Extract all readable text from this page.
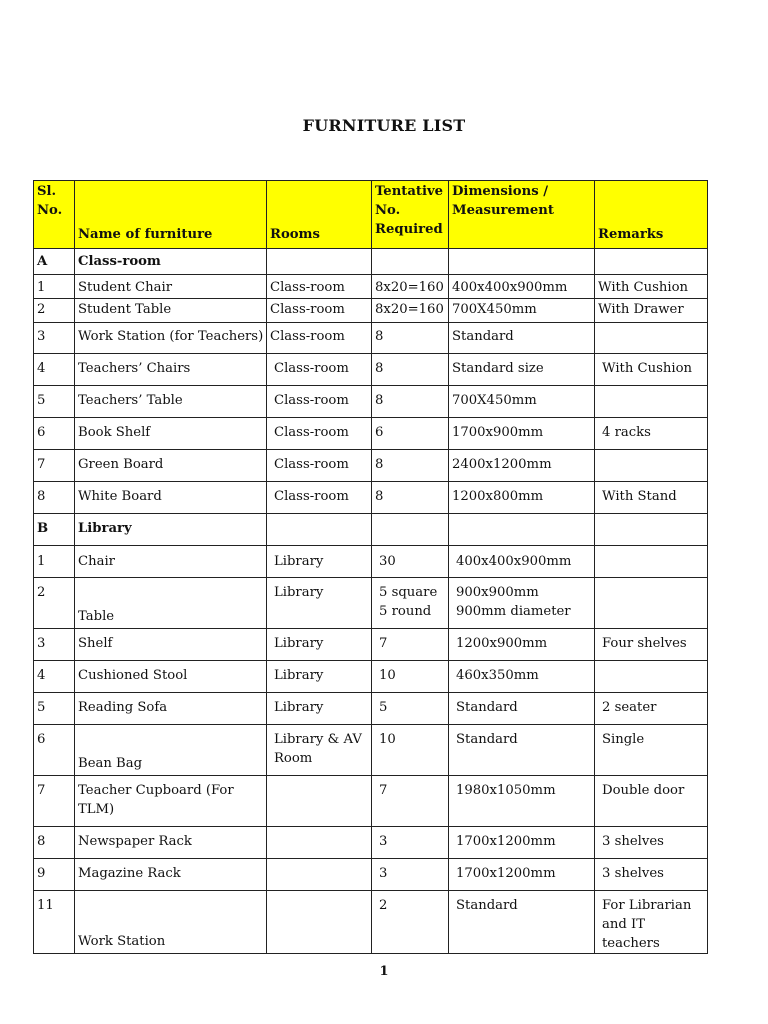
FURNITURE LIST
Sl. No.	Name of furniture	Rooms	Tentative No. Required	Dimensions / Measurement	Remarks
A	Class-room				
1	Student Chair	Class-room	8x20=160	400x400x900mm	With Cushion
2	Student Table	Class-room	8x20=160	700X450mm	With Drawer
3	Work Station (for Teachers)	Class-room	8	Standard	
4	Teachers’ Chairs	Class-room	8	Standard size	With Cushion
5	Teachers’ Table	Class-room	8	700X450mm	
6	Book Shelf	Class-room	6	1700x900mm	4 racks
7	Green Board	Class-room	8	2400x1200mm	
8	White Board	Class-room	8	1200x800mm	With Stand
B	Library				
1	Chair	Library	30	400x400x900mm	
2	Table	Library	5 square 5 round	900x900mm 900mm diameter	
3	Shelf	Library	7	1200x900mm	Four shelves
4	Cushioned Stool	Library	10	460x350mm	
5	Reading Sofa	Library	5	Standard	2 seater
6	Bean Bag	Library & AV Room	10	Standard	Single
7	Teacher Cupboard (For TLM)		7	1980x1050mm	Double door
8	Newspaper Rack		3	1700x1200mm	3 shelves
9	Magazine Rack		3	1700x1200mm	3 shelves
11	Work Station		2	Standard	For Librarian and IT teachers
1
